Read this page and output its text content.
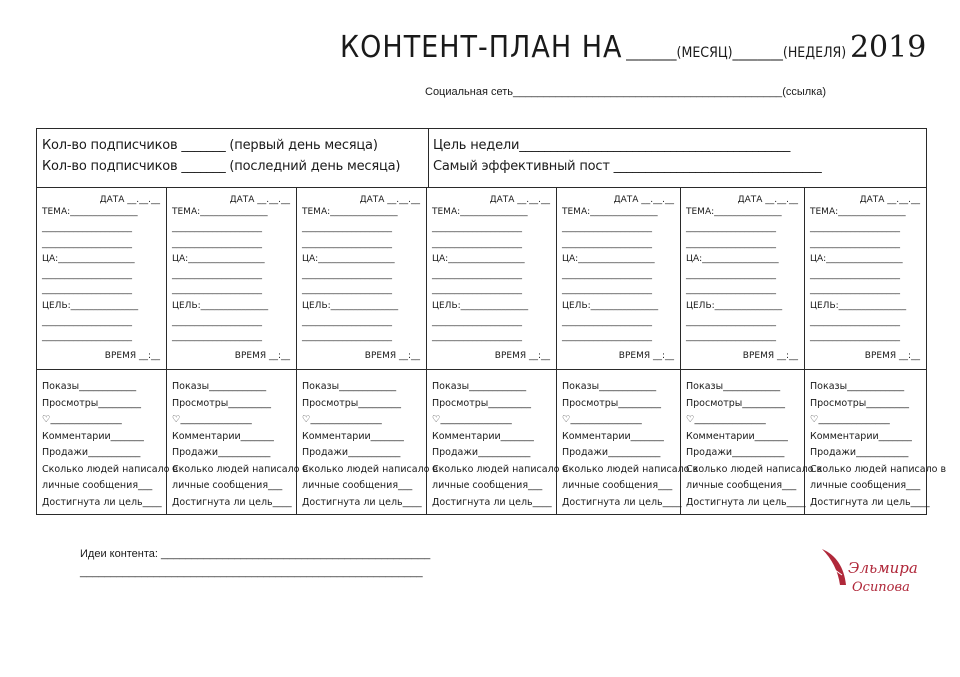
КОНТЕНТ-ПЛАН НА ________(МЕСЯЦ)________(НЕДЕЛЯ) 2019
Социальная сеть____________________________________________(ссылка)
Кол-во подписчиков _______ (первый день месяца)
Кол-во подписчиков _______ (последний день месяца)
Цель недели___________________________________________
Самый эффективный пост _________________________________
ДАТА __.__.__
ТЕМА:_______________
____________________
____________________
ЦА:_________________
____________________
____________________
ЦЕЛЬ:_______________
____________________
____________________
ВРЕМЯ __:__
Показы____________
Просмотры_________
♡_______________
Комментарии_______
Продажи___________
Сколько людей написало в
личные сообщения___
Достигнута ли цель____
ДАТА __.__.__
ТЕМА:_______________
____________________
____________________
ЦА:_________________
____________________
____________________
ЦЕЛЬ:_______________
____________________
____________________
ВРЕМЯ __:__
Показы____________
Просмотры_________
♡_______________
Комментарии_______
Продажи___________
Сколько людей написало в
личные сообщения___
Достигнута ли цель____
ДАТА __.__.__
ТЕМА:_______________
____________________
____________________
ЦА:_________________
____________________
____________________
ЦЕЛЬ:_______________
____________________
____________________
ВРЕМЯ __:__
Показы____________
Просмотры_________
♡_______________
Комментарии_______
Продажи___________
Сколько людей написало в
личные сообщения___
Достигнута ли цель____
ДАТА __.__.__
ТЕМА:_______________
____________________
____________________
ЦА:_________________
____________________
____________________
ЦЕЛЬ:_______________
____________________
____________________
ВРЕМЯ __:__
Показы____________
Просмотры_________
♡_______________
Комментарии_______
Продажи___________
Сколько людей написало в
личные сообщения___
Достигнута ли цель____
ДАТА __.__.__
ТЕМА:_______________
____________________
____________________
ЦА:_________________
____________________
____________________
ЦЕЛЬ:_______________
____________________
____________________
ВРЕМЯ __:__
Показы____________
Просмотры_________
♡_______________
Комментарии_______
Продажи___________
Сколько людей написало в
личные сообщения___
Достигнута ли цель____
ДАТА __.__.__
ТЕМА:_______________
____________________
____________________
ЦА:_________________
____________________
____________________
ЦЕЛЬ:_______________
____________________
____________________
ВРЕМЯ __:__
Показы____________
Просмотры_________
♡_______________
Комментарии_______
Продажи___________
Сколько людей написало в
личные сообщения___
Достигнута ли цель____
ДАТА __.__.__
ТЕМА:_______________
____________________
____________________
ЦА:_________________
____________________
____________________
ЦЕЛЬ:_______________
____________________
____________________
ВРЕМЯ __:__
Показы____________
Просмотры_________
♡_______________
Комментарии_______
Продажи___________
Сколько людей написало в
личные сообщения___
Достигнута ли цель____
Идеи контента: ____________________________________________
________________________________________________________	Эльмира
Осипова
